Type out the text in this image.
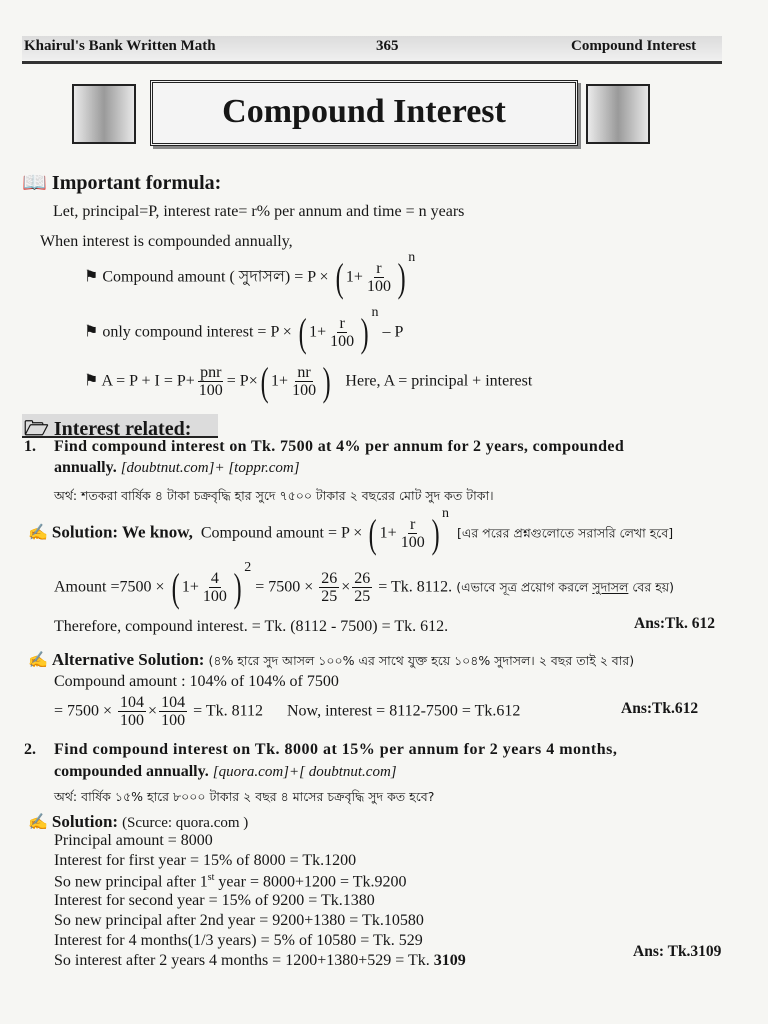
Khairul's Bank Written Math	365	Compound Interest
Compound Interest
📖 Important formula:
Let, principal=P, interest rate= r% per annum and time = n years
When interest is compounded annually,
⚑ Compound amount ( সুদাসল) = P × ( $1+ \frac{r}{100}$ ) n
⚑ only compound interest = P × ( $1+ \frac{r}{100}$ ) n – P
⚑ $A = P + I = P+ \frac{\text{pnr}}{100} = P\times$( $1+ \frac{nr}{100}$ ) Here, A = principal + interest
🗁 Interest related:
1. Find compound interest on Tk. 7500 at 4% per annum for 2 years, compounded
annually. [doubtnut.com]+ [toppr.com]
অর্থ: শতকরা বার্ষিক ৪ টাকা চক্রবৃদ্ধি হার সুদে ৭৫০০ টাকার ২ বছরের মোট সুদ কত টাকা।
✍ Solution: We know, Compound amount = P × ( $1+ \frac{r}{100}$ ) n  [এর পরের প্রশ্নগুলোতে সরাসরি লেখা হবে]
Amount =7500 × ( $1+ \frac{4}{100}$ ) $2 = 7500 \times \frac{26}{25} \times \frac{26}{25} = Tk$. 8112. (এভাবে সূত্র প্রয়োগ করলে সুদাসল বের হয়)
Therefore, compound interest. = Tk. (8112 - 7500) = Tk. 612.	Ans:Tk. 612
✍ Alternative Solution: (৪% হারে সুদ আসল ১০০% এর সাথে যুক্ত হয়ে ১০৪% সুদাসল। ২ বছর তাই ২ বার)
Compound amount : 104% of 104% of 7500
= $7500 \times \frac{104}{100} \times \frac{104}{100} = Tk$. 8112 Now, interest = 8112-7500 = Tk.612	Ans:Tk.612
2. Find compound interest on Tk. 8000 at 15% per annum for 2 years 4 months,
compounded annually. [quora.com]+[ doubtnut.com]
অর্থ: বার্ষিক ১৫% হারে ৮০০০ টাকার ২ বছর ৪ মাসের চক্রবৃদ্ধি সুদ কত হবে?
✍ Solution: (Scurce: quora.com )
Principal amount = 8000
Interest for first year = 15% of 8000 = Tk.1200
So new principal after 1st year = 8000+1200 = Tk.9200
Interest for second year = 15% of 9200 = Tk.1380
So new principal after 2nd year = 9200+1380 = Tk.10580
Interest for 4 months(1/3 years) = 5% of 10580 = Tk. 529
So interest after 2 years 4 months = 1200+1380+529 = Tk. 3109
Ans: Tk.3109
